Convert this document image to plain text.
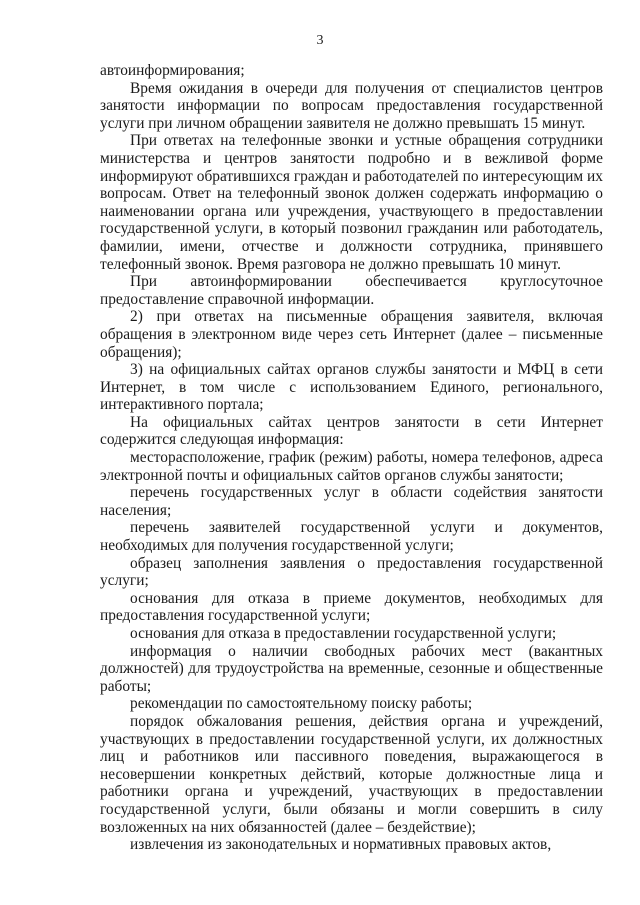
3

автоинформирования;

Время ожидания в очереди для получения от специалистов центров занятости информации по вопросам предоставления государственной услуги при личном обращении заявителя не должно превышать 15 минут.

При ответах на телефонные звонки и устные обращения сотрудники министерства и центров занятости подробно и в вежливой форме информируют обратившихся граждан и работодателей по интересующим их вопросам. Ответ на телефонный звонок должен содержать информацию о наименовании органа или учреждения, участвующего в предоставлении государственной услуги, в который позвонил гражданин или работодатель, фамилии, имени, отчестве и должности сотрудника, принявшего телефонный звонок. Время разговора не должно превышать 10 минут.

При автоинформировании обеспечивается круглосуточное предоставление справочной информации.

2) при ответах на письменные обращения заявителя, включая обращения в электронном виде через сеть Интернет (далее – письменные обращения);

3) на официальных сайтах органов службы занятости и МФЦ в сети Интернет, в том числе с использованием Единого, регионального, интерактивного портала;

На официальных сайтах центров занятости в сети Интернет содержится следующая информация:

месторасположение, график (режим) работы, номера телефонов, адреса электронной почты и официальных сайтов органов службы занятости;

перечень государственных услуг в области содействия занятости населения;

перечень заявителей государственной услуги и документов, необходимых для получения государственной услуги;

образец заполнения заявления о предоставления государственной услуги;

основания для отказа в приеме документов, необходимых для предоставления государственной услуги;

основания для отказа в предоставлении государственной услуги;

информация о наличии свободных рабочих мест (вакантных должностей) для трудоустройства на временные, сезонные и общественные работы;

рекомендации по самостоятельному поиску работы;

порядок обжалования решения, действия органа и учреждений, участвующих в предоставлении государственной услуги, их должностных лиц и работников или пассивного поведения, выражающегося в несовершении конкретных действий, которые должностные лица и работники органа и учреждений, участвующих в предоставлении государственной услуги, были обязаны и могли совершить в силу возложенных на них обязанностей (далее – бездействие);

извлечения из законодательных и нормативных правовых актов,
